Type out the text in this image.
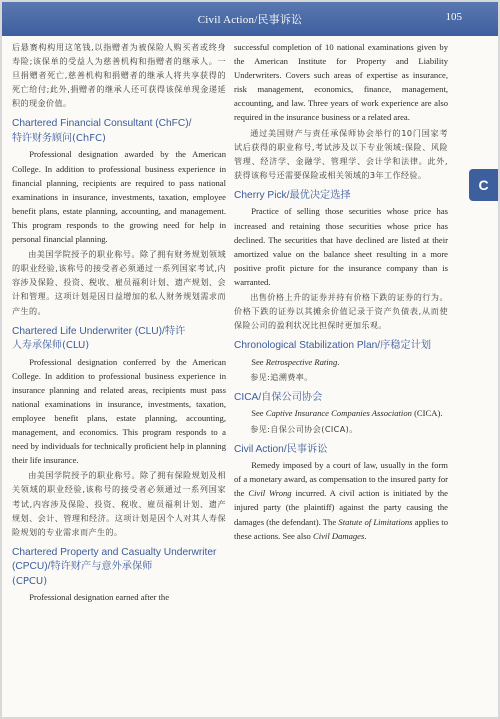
Civil Action/民事诉讼	105
C

后悬赛构构用这笔钱,以指赠者为被保险人购买者或终身寿险;该保单的受益人为慈善机构和指赠者的继承人。一旦捐赠者死亡,慈善机构和捐赠者的继承人将共享获得的死亡给付;此外,捐赠者的继承人还可获得该保单现金递延积的现金价值。

Chartered Financial Consultant (ChFC)/
特许财务顾问(ChFC)

Professional designation awarded by the American College. In addition to professional business experience in financial planning, recipients are required to pass national examinations in insurance, investments, taxation, employee benefit plans, estate planning, accounting, and management. This program responds to the growing need for help in personal financial planning.

由美国学院授予的职业称号。除了拥有财务规划领域的职业经验,该称号的接受者必须通过一系列国家考试,内容涉及保险、投资、税收、雇员福利计划、遗产规划、会计和管理。这项计划是因日益增加的私人财务规划需求而产生的。

Chartered Life Underwriter (CLU)/特许
人寿承保师(CLU)

Professional designation conferred by the American College. In addition to professional business experience in insurance planning and related areas, recipients must pass national examinations in insurance, investments, taxation, employee benefit plans, estate planning, accounting, management, and economics. This program responds to a need by individuals for technically proficient help in planning their life insurance.

由美国学院授予的职业称号。除了拥有保险规划及相关领域的职业经验,该称号的接受者必须通过一系列国家考试,内容涉及保险、投资、税收、雇员福利计划、遗产规划、会计、管理和经济。这项计划是因个人对其人寿保险规划的专业需求而产生的。

Chartered Property and Casualty Underwriter (CPCU)/特许财产与意外承保师
(CPCU)

Professional designation earned after the

successful completion of 10 national examinations given by the American Institute for Property and Liability Underwriters. Covers such areas of expertise as insurance, risk management, economics, finance, management, accounting, and law. Three years of work experience are also required in the insurance business or a related area.

通过美国财产与责任承保师协会举行的10门国家考试后获得的职业称号,考试涉及以下专业领域:保险、风险管理、经济学、金融学、管理学、会计学和法律。此外,获得该称号还需要保险或相关领域的3年工作经验。

Cherry Pick/最优决定选择

Practice of selling those securities whose price has increased and retaining those securities whose price has declined. The securities that have declined are listed at their amortized value on the balance sheet resulting in a more positive profit picture for the insurance company than is warranted.

出售价格上升的证券并持有价格下跌的证券的行为。价格下跌的证券以其摊余价值记录于资产负债表,从而使保险公司的盈利状况比担保时更加乐观。

Chronological Stabilization Plan/序稳定计划

See Retrospective Rating.

参见:追溯费率。

CICA/自保公司协会

See Captive Insurance Companies Association (CICA).

参见:自保公司协会(CICA)。

Civil Action/民事诉讼

Remedy imposed by a court of law, usually in the form of a monetary award, as compensation to the insured party for the Civil Wrong incurred. A civil action is initiated by the injured party (the plaintiff) against the party causing the damages (the defendant). The Statute of Limitations applies to these actions. See also Civil Damages.
